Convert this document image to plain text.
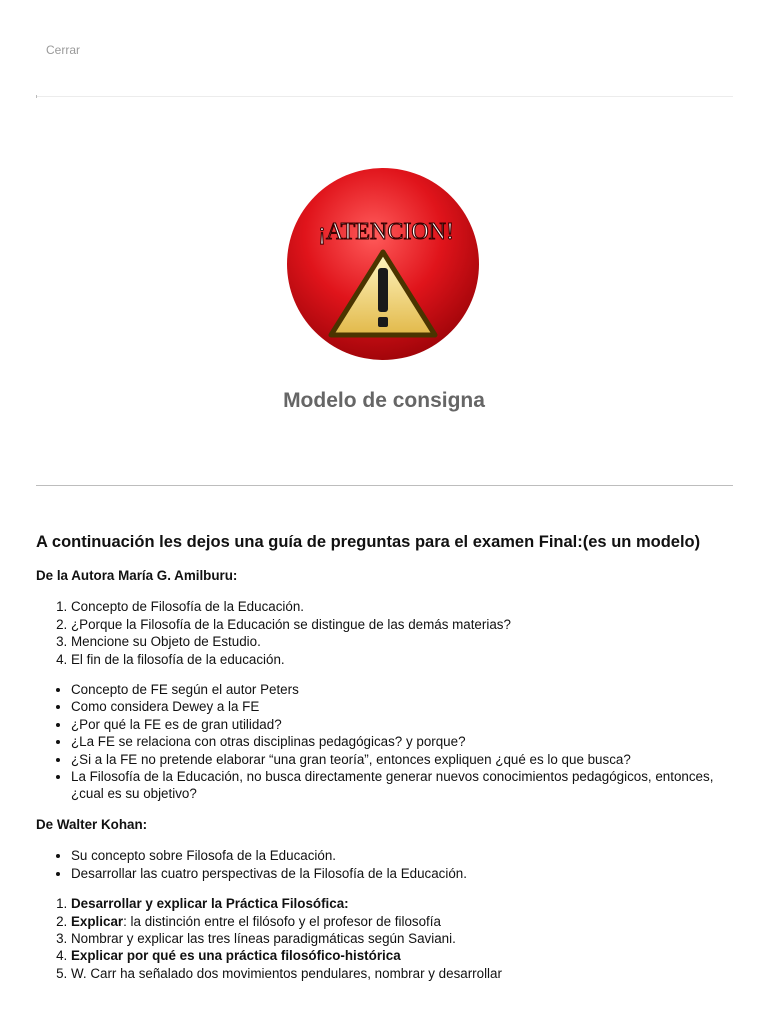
Cerrar
¡ATENCION!
Modelo de consigna
A continuación les dejos una guía de preguntas para el examen Final:(es un modelo)
De la Autora María G. Amilburu:
1. Concepto de Filosofía de la Educación.
2. ¿Porque la Filosofía de la Educación se distingue de las demás materias?
3. Mencione su Objeto de Estudio.
4. El fin de la filosofía de la educación.
• Concepto de FE según el autor Peters
• Como considera Dewey a la FE
• ¿Por qué la FE es de gran utilidad?
• ¿La FE se relaciona con otras disciplinas pedagógicas? y porque?
• ¿Si a la FE no pretende elaborar “una gran teoría”, entonces expliquen ¿qué es lo que busca?
• La Filosofía de la Educación, no busca directamente generar nuevos conocimientos pedagógicos, entonces, ¿cual es su objetivo?
De Walter Kohan:
• Su concepto sobre Filosofa de la Educación.
• Desarrollar las cuatro perspectivas de la Filosofía de la Educación.
1. Desarrollar y explicar la Práctica Filosófica:
2. Explicar: la distinción entre el filósofo y el profesor de filosofía
3. Nombrar y explicar las tres líneas paradigmáticas según Saviani.
4. Explicar por qué es una práctica filosófico-histórica
5. W. Carr ha señalado dos movimientos pendulares, nombrar y desarrollar
